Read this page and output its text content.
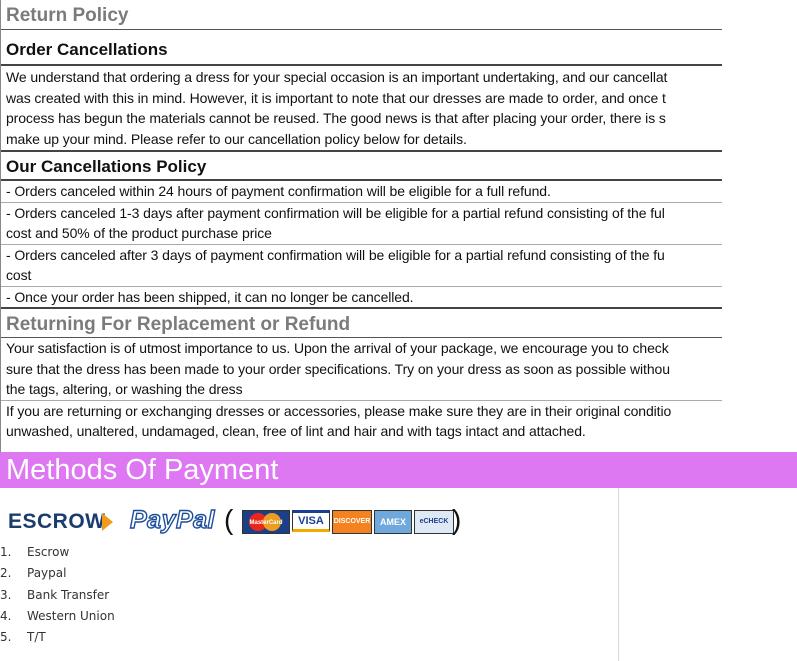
Return Policy
Order Cancellations
We understand that ordering a dress for your special occasion is an important undertaking, and our cancellat
was created with this in mind. However, it is important to note that our dresses are made to order, and once t
process has begun the materials cannot be reused. The good news is that after placing your order, there is s
make up your mind. Please refer to our cancellation policy below for details.
Our Cancellations Policy
- Orders canceled within 24 hours of payment confirmation will be eligible for a full refund.
- Orders canceled 1-3 days after payment confirmation will be eligible for a partial refund consisting of the ful
cost and 50% of the product purchase price
- Orders canceled after 3 days of payment confirmation will be eligible for a partial refund consisting of the fu
cost
- Once your order has been shipped, it can no longer be cancelled.
Returning For Replacement or Refund
Your satisfaction is of utmost importance to us. Upon the arrival of your package, we encourage you to check
sure that the dress has been made to your order specifications. Try on your dress as soon as possible withou
the tags, altering, or washing the dress
If you are returning or exchanging dresses or accessories, please make sure they are in their original conditio
unwashed, unaltered, undamaged, clean, free of lint and hair and with tags intact and attached.
Methods Of Payment
ESCROW PayPal (	MasterCard	VISA	DISCOVER	AMEX	eCHECK )
1. Escrow
2. Paypal
3. Bank Transfer
4. Western Union
5. T/T
